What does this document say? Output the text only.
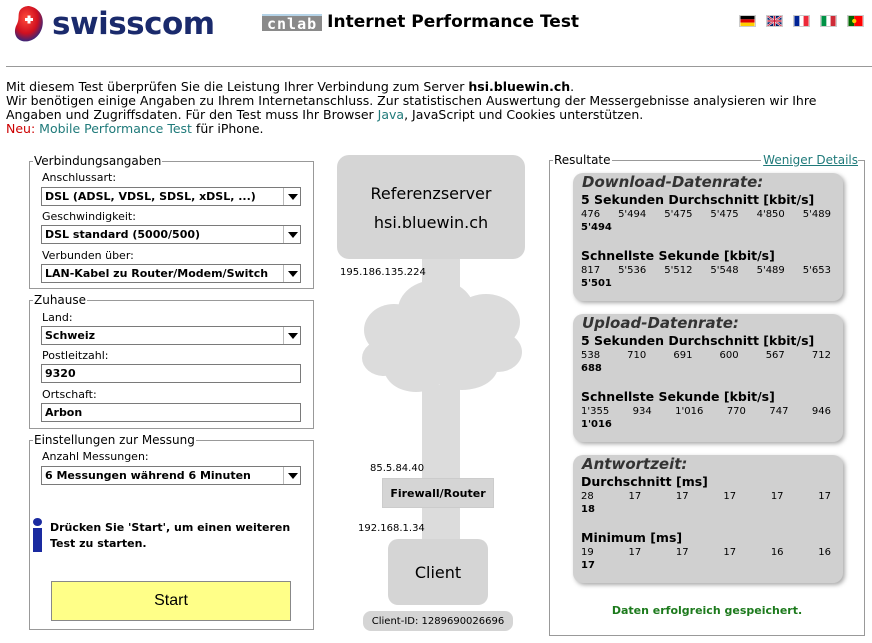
swisscom	cnlab Internet Performance Test
Mit diesem Test überprüfen Sie die Leistung Ihrer Verbindung zum Server hsi.bluewin.ch.
Wir benötigen einige Angaben zu Ihrem Internetanschluss. Zur statistischen Auswertung der Messergebnisse analysieren wir Ihre
Angaben und Zugriffsdaten. Für den Test muss Ihr Browser Java, JavaScript und Cookies unterstützen.
Neu: Mobile Performance Test für iPhone.
Verbindungsangaben
Anschlussart:
DSL (ADSL, VDSL, SDSL, xDSL, ...)
Geschwindigkeit:
DSL standard (5000/500)
Verbunden über:
LAN-Kabel zu Router/Modem/Switch
Zuhause
Land:
Schweiz
Postleitzahl:
9320
Ortschaft:
Arbon
Einstellungen zur Messung
Anzahl Messungen:
6 Messungen während 6 Minuten
Drücken Sie 'Start', um einen weiteren Test zu starten.
Start
Referenzserver
hsi.bluewin.ch
195.186.135.224
85.5.84.40
Firewall/Router
192.168.1.34
Client
Client-ID: 1289690026696
Resultate	Weniger Details
Download-Datenrate:
5 Sekunden Durchschnitt [kbit/s]
476 5'494 5'475 5'475 4'850 5'489
5'494
Schnellste Sekunde [kbit/s]
817 5'536 5'512 5'548 5'489 5'653
5'501
Upload-Datenrate:
5 Sekunden Durchschnitt [kbit/s]
538	710	691	600	567	712
688
Schnellste Sekunde [kbit/s]
1'355 934 1'016 770 747 946
1'016
Antwortzeit:
Durchschnitt [ms]
28	17	17	17	17	17
18
Minimum [ms]
19	17	17	17	16	16
17
Daten erfolgreich gespeichert.
